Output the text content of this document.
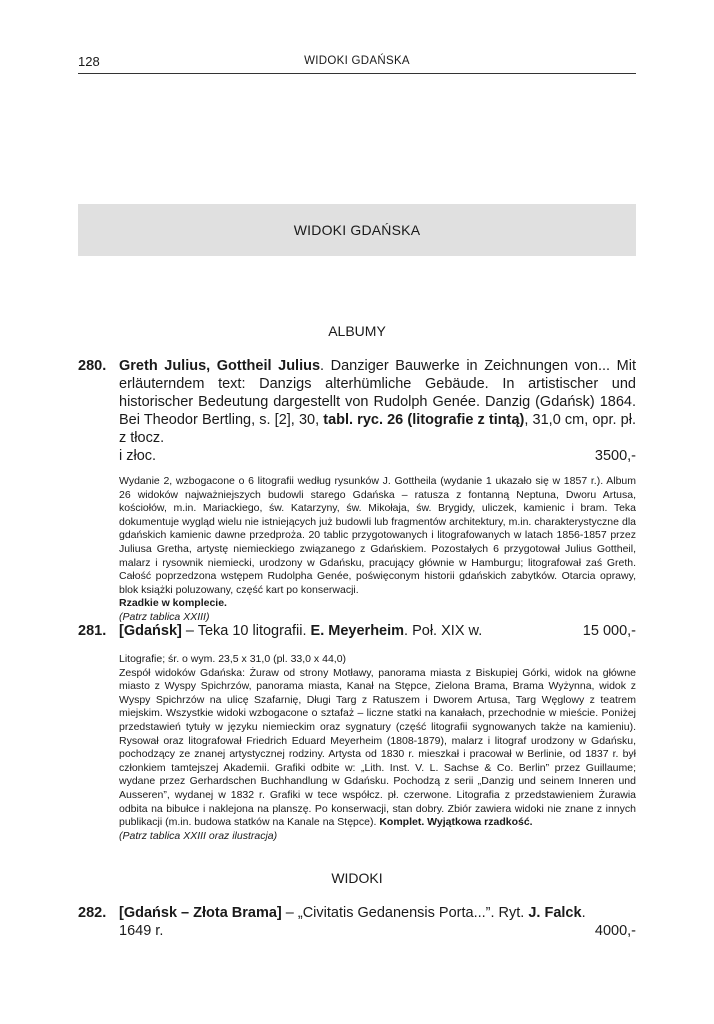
128	WIDOKI GDAŃSKA
WIDOKI GDAŃSKA
ALBUMY
280. Greth Julius, Gottheil Julius. Danziger Bauwerke in Zeichnungen von... Mit erläuterndem text: Danzigs alterhümliche Gebäude. In artistischer und historischer Bedeutung dargestellt von Rudolph Genée. Danzig (Gdańsk) 1864. Bei Theodor Bertling, s. [2], 30, tabl. ryc. 26 (litografie z tintą), 31,0 cm, opr. pł. z tłocz.
i złoc.	3500,-

Wydanie 2, wzbogacone o 6 litografii według rysunków J. Gottheila (wydanie 1 ukazało się w 1857 r.). Album 26 widoków najważniejszych budowli starego Gdańska – ratusza z fontanną Neptuna, Dworu Artusa, kościołów, m.in. Mariackiego, św. Katarzyny, św. Mikołaja, św. Brygidy, uliczek, kamienic i bram. Teka dokumentuje wygląd wielu nie istniejących już budowli lub fragmentów architektury, m.in. charakterystyczne dla gdańskich kamienic dawne przedproża. 20 tablic przygotowanych i litografowanych w latach 1856-1857 przez Juliusa Gretha, artystę niemieckiego związanego z Gdańskiem. Pozostałych 6 przygotował Julius Gottheil, malarz i rysownik niemiecki, urodzony w Gdańsku, pracujący głównie w Hamburgu; litografował zaś Greth. Całość poprzedzona wstępem Rudolpha Genée, poświęconym historii gdańskich zabytków. Otarcia oprawy, blok książki poluzowany, część kart po konserwacji.
Rzadkie w komplecie.
(Patrz tablica XXIII)

281. [Gdańsk] – Teka 10 litografii. E. Meyerheim. Poł. XIX w.	15 000,-

Litografie; śr. o wym. 23,5 x 31,0 (pl. 33,0 x 44,0)
Zespół widoków Gdańska: Żuraw od strony Motławy, panorama miasta z Biskupiej Górki, widok na główne miasto z Wyspy Spichrzów, panorama miasta, Kanał na Stępce, Zielona Brama, Brama Wyżynna, widok z Wyspy Spichrzów na ulicę Szafarnię, Długi Targ z Ratuszem i Dworem Artusa, Targ Węglowy z teatrem miejskim. Wszystkie widoki wzbogacone o sztafaż – liczne statki na kanałach, przechodnie w mieście. Poniżej przedstawień tytuły w języku niemieckim oraz sygnatury (część litografii sygnowanych także na kamieniu). Rysował oraz litografował Friedrich Eduard Meyerheim (1808-1879), malarz i litograf urodzony w Gdańsku, pochodzący ze znanej artystycznej rodziny. Artysta od 1830 r. mieszkał i pracował w Berlinie, od 1837 r. był członkiem tamtejszej Akademii. Grafiki odbite w: „Lith. Inst. V. L. Sachse & Co. Berlin” przez Guillaume; wydane przez Gerhardschen Buchhandlung w Gdańsku. Pochodzą z serii „Danzig und seinem Inneren und Ausseren”, wydanej w 1832 r. Grafiki w tece współcz. pł. czerwone. Litografia z przedstawieniem Żurawia odbita na bibułce i naklejona na planszę. Po konserwacji, stan dobry. Zbiór zawiera widoki nie znane z innych publikacji (m.in. budowa statków na Kanale na Stępce). Komplet. Wyjątkowa rzadkość.
(Patrz tablica XXIII oraz ilustracja)

WIDOKI
282. [Gdańsk – Złota Brama] – „Civitatis Gedanensis Porta...”. Ryt. J. Falck.
1649 r.	4000,-
